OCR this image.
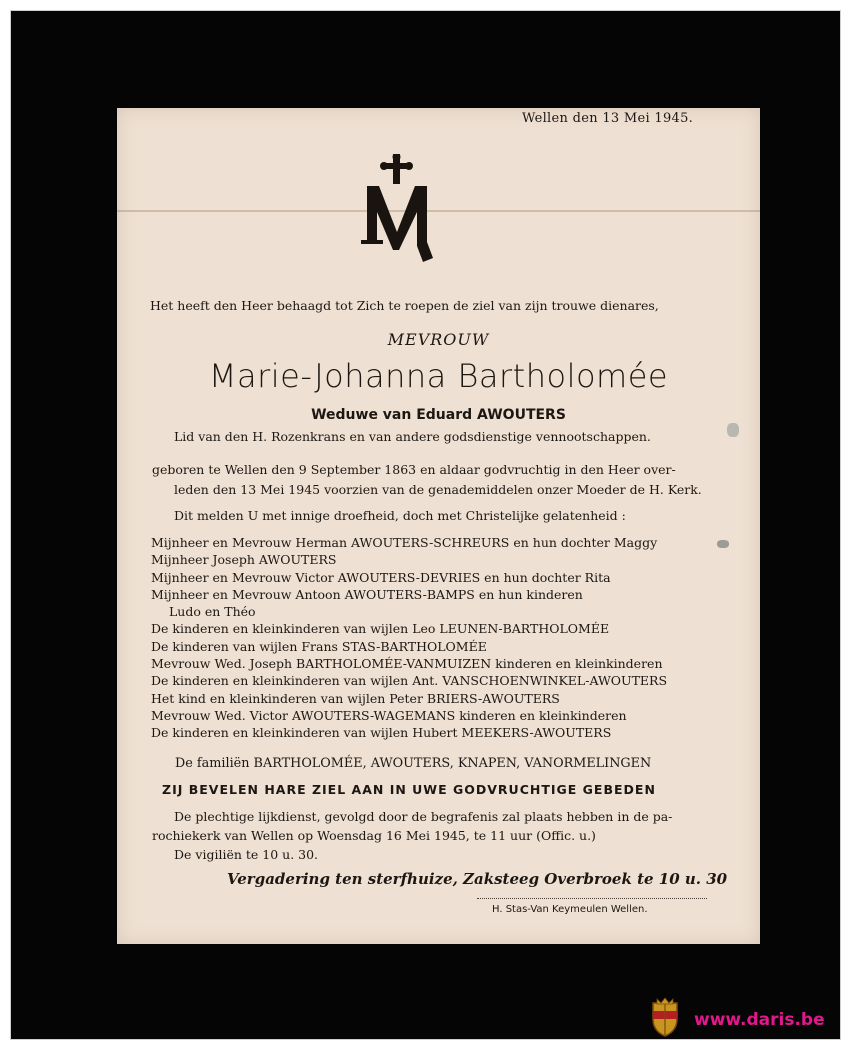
Wellen den 13 Mei 1945.
Het heeft den Heer behaagd tot Zich te roepen de ziel van zijn trouwe dienares,
MEVROUW
Marie-Johanna Bartholomée
Weduwe van Eduard AWOUTERS
Lid van den H. Rozenkrans en van andere godsdienstige vennootschappen.
geboren te Wellen den 9 September 1863 en aldaar godvruchtig in den Heer over-
leden den 13 Mei 1945 voorzien van de genademiddelen onzer Moeder de H. Kerk.
Dit melden U met innige droefheid, doch met Christelijke gelatenheid :
Mijnheer en Mevrouw Herman AWOUTERS-SCHREURS en hun dochter Maggy
Mijnheer Joseph AWOUTERS
Mijnheer en Mevrouw Victor AWOUTERS-DEVRIES en hun dochter Rita
Mijnheer en Mevrouw Antoon AWOUTERS-BAMPS en hun kinderen
Ludo en Théo
De kinderen en kleinkinderen van wijlen Leo LEUNEN-BARTHOLOMÉE
De kinderen van wijlen Frans STAS-BARTHOLOMÉE
Mevrouw Wed. Joseph BARTHOLOMÉE-VANMUIZEN kinderen en kleinkinderen
De kinderen en kleinkinderen van wijlen Ant. VANSCHOENWINKEL-AWOUTERS
Het kind en kleinkinderen van wijlen Peter BRIERS-AWOUTERS
Mevrouw Wed. Victor AWOUTERS-WAGEMANS kinderen en kleinkinderen
De kinderen en kleinkinderen van wijlen Hubert MEEKERS-AWOUTERS
De familiën BARTHOLOMÉE, AWOUTERS, KNAPEN, VANORMELINGEN
ZIJ BEVELEN HARE ZIEL AAN IN UWE GODVRUCHTIGE GEBEDEN
De plechtige lijkdienst, gevolgd door de begrafenis zal plaats hebben in de pa-
rochiekerk van Wellen op Woensdag 16 Mei 1945, te 11 uur (Offic. u.)
De vigiliën te 10 u. 30.
Vergadering ten sterfhuize, Zaksteeg Overbroek te 10 u. 30
H. Stas-Van Keymeulen Wellen.
www.daris.be
